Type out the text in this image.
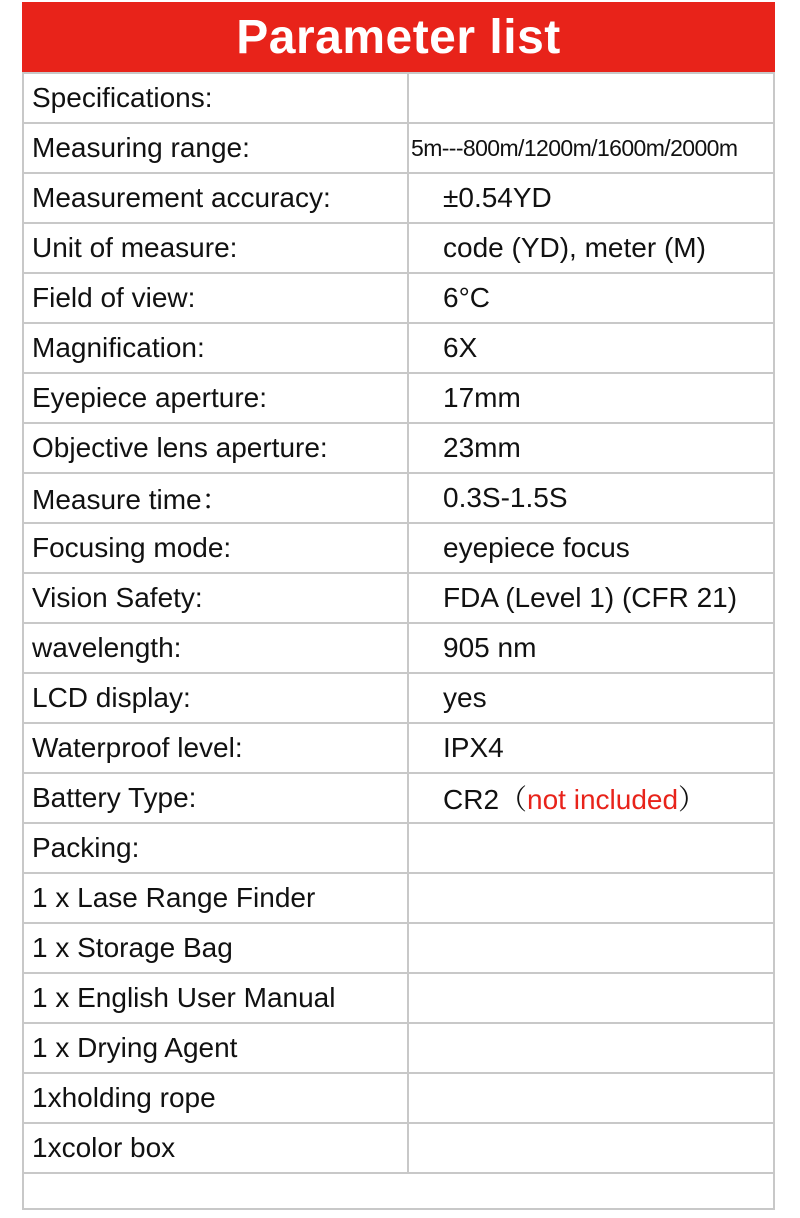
Parameter list
Specifications:	
Measuring range:	5m---800m/1200m/1600m/2000m
Measurement accuracy:	±0.54YD
Unit of measure:	code (YD), meter (M)
Field of view:	6°C
Magnification:	6X
Eyepiece aperture:	17mm
Objective lens aperture:	23mm
Measure time：	0.3S-1.5S
Focusing mode:	eyepiece focus
Vision Safety:	FDA (Level 1) (CFR 21)
wavelength:	905 nm
LCD display:	yes
Waterproof level:	IPX4
Battery Type:	CR2（not included）
Packing:	
1 x Lase Range Finder	
1 x Storage Bag	
1 x English User Manual	
1 x Drying Agent	
1xholding rope	
1xcolor box	
